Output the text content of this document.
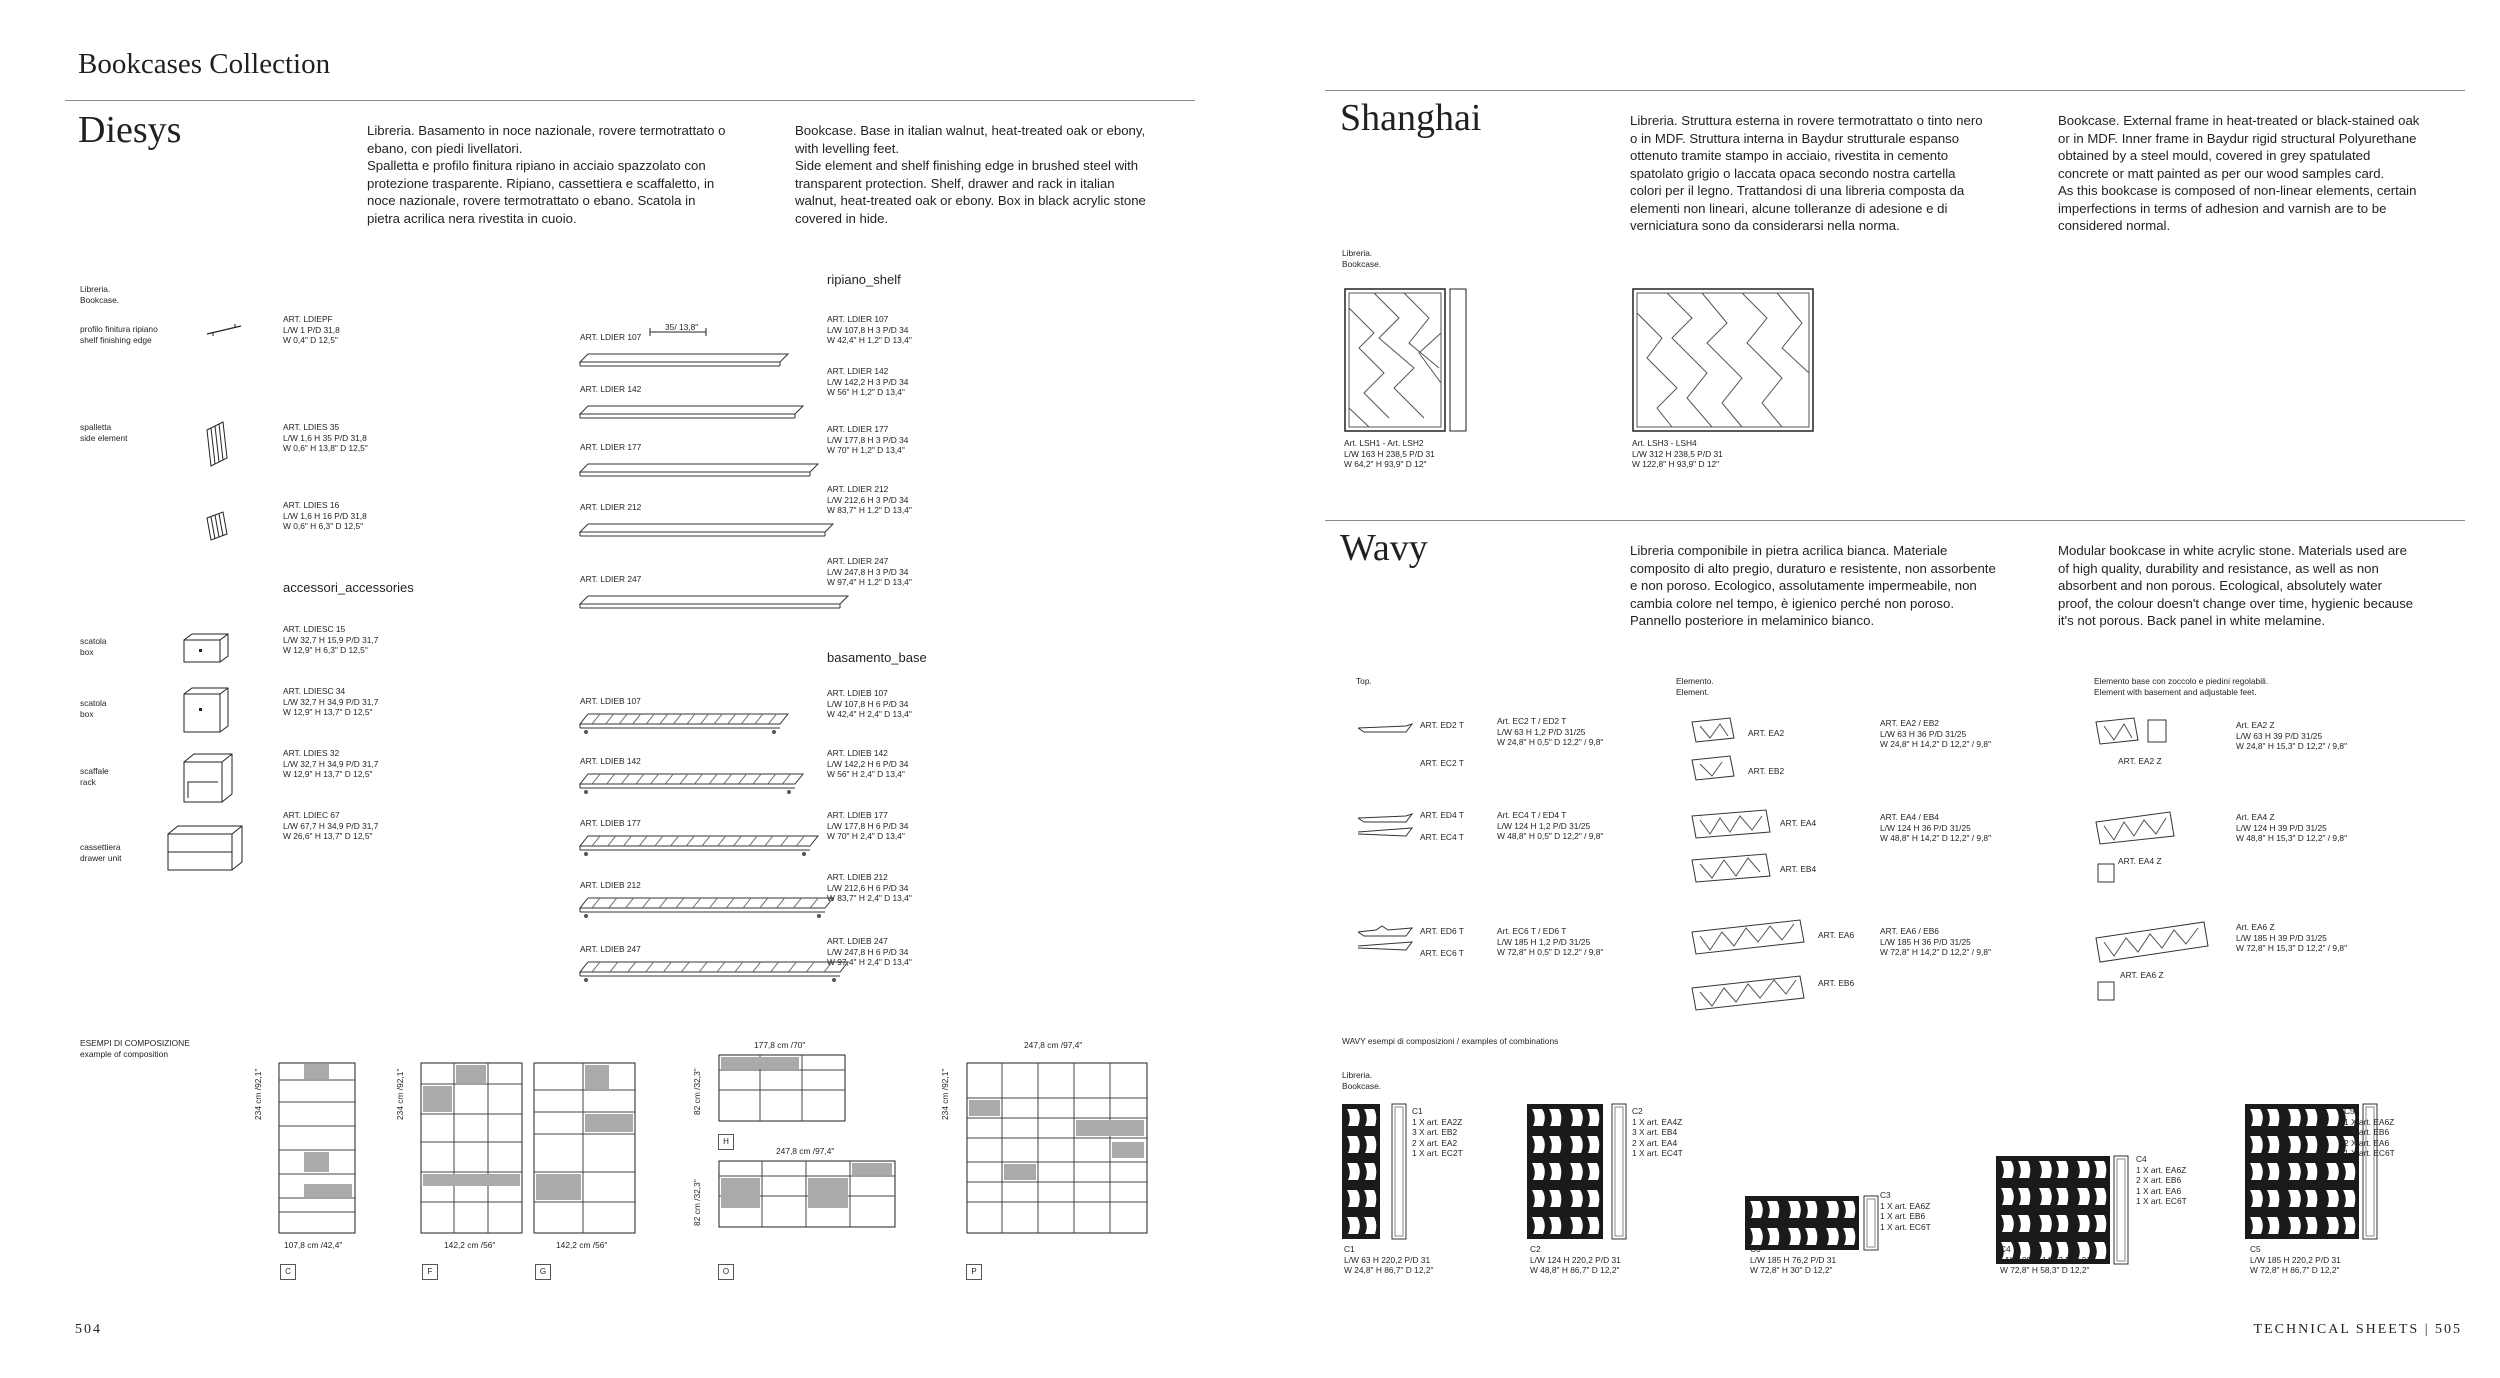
Bookcases Collection
Diesys	Libreria. Basamento in noce nazionale, rovere termotrattato o
ebano, con piedi livellatori.
Spalletta e profilo finitura ripiano in acciaio spazzolato con
protezione trasparente. Ripiano, cassettiera e scaffaletto, in
noce nazionale, rovere termotrattato o ebano. Scatola in
pietra acrilica nera rivestita in cuoio.
Bookcase. Base in italian walnut, heat-treated oak or ebony,
with levelling feet.
Side element and shelf finishing edge in brushed steel with
transparent protection. Shelf, drawer and rack in italian
walnut, heat-treated oak or ebony. Box in black acrylic stone
covered in hide.
Libreria.
Bookcase.
profilo finitura ripiano
shelf finishing edge
ART. LDIEPF
L/W 1 P/D 31,8
W 0,4" D 12,5"
spalletta
side element
ART. LDIES 35
L/W 1,6 H 35 P/D 31,8
W 0,6" H 13,8" D 12,5"
ART. LDIES 16
L/W 1,6 H 16 P/D 31,8
W 0,6" H 6,3" D 12,5"
accessori_accessories
scatola
box
ART. LDIESC 15
L/W 32,7 H 15,9 P/D 31,7
W 12,9" H 6,3" D 12,5"
scatola
box
ART. LDIESC 34
L/W 32,7 H 34,9 P/D 31,7
W 12,9" H 13,7" D 12,5"
scaffale
rack
ART. LDIES 32
L/W 32,7 H 34,9 P/D 31,7
W 12,9" H 13,7" D 12,5"
cassettiera
drawer unit
ART. LDIEC 67
L/W 67,7 H 34,9 P/D 31,7
W 26,6" H 13,7" D 12,5"
ripiano_shelf
35/ 13,8"
ART. LDIER 107
ART. LDIER 107
L/W 107,8 H 3 P/D 34
W 42,4" H 1,2" D 13,4"
ART. LDIER 142
ART. LDIER 142
L/W 142,2 H 3 P/D 34
W 56" H 1,2" D 13,4"
ART. LDIER 177
ART. LDIER 177
L/W 177,8 H 3 P/D 34
W 70" H 1,2" D 13,4"
ART. LDIER 212
ART. LDIER 212
L/W 212,6 H 3 P/D 34
W 83,7" H 1,2" D 13,4"
ART. LDIER 247
ART. LDIER 247
L/W 247,8 H 3 P/D 34
W 97,4" H 1,2" D 13,4"
basamento_base
ART. LDIEB 107
ART. LDIEB 107
L/W 107,8 H 6 P/D 34
W 42,4" H 2,4" D 13,4"
ART. LDIEB 142
ART. LDIEB 142
L/W 142,2 H 6 P/D 34
W 56" H 2,4" D 13,4"
ART. LDIEB 177
ART. LDIEB 177
L/W 177,8 H 6 P/D 34
W 70" H 2,4" D 13,4"
ART. LDIEB 212
ART. LDIEB 212
L/W 212,6 H 6 P/D 34
W 83,7" H 2,4" D 13,4"
ART. LDIEB 247
ART. LDIEB 247
L/W 247,8 H 6 P/D 34
W 97,4" H 2,4" D 13,4"
ESEMPI DI COMPOSIZIONE
example of composition
234 cm /92,1"
107,8 cm /42,4"
C
234 cm /92,1"
142,2 cm /56"
F
142,2 cm /56"
G
177,8 cm /70"
82 cm /32,3"
H
247,8 cm /97,4"
82 cm /32,3"
O
247,8 cm /97,4"
234 cm /92,1"
P
504
Shanghai	Libreria. Struttura esterna in rovere termotrattato o tinto nero
o in MDF. Struttura interna in Baydur strutturale espanso
ottenuto tramite stampo in acciaio, rivestita in cemento
spatolato grigio o laccata opaca secondo nostra cartella
colori per il legno. Trattandosi di una libreria composta da
elementi non lineari, alcune tolleranze di adesione e di
verniciatura sono da considerarsi nella norma.
Bookcase. External frame in heat-treated or black-stained oak
or in MDF. Inner frame in Baydur rigid structural Polyurethane
obtained by a steel mould, covered in grey spatulated
concrete or matt painted as per our wood samples card.
As this bookcase is composed of non-linear elements, certain
imperfections in terms of adhesion and varnish are to be
considered normal.
Libreria.
Bookcase.
Art. LSH1 - Art. LSH2
L/W 163 H 238,5 P/D 31
W 64,2" H 93,9" D 12"
Art. LSH3 - LSH4
L/W 312 H 238,5 P/D 31
W 122,8" H 93,9" D 12"
Wavy	Libreria componibile in pietra acrilica bianca. Materiale
composito di alto pregio, duraturo e resistente, non assorbente
e non poroso. Ecologico, assolutamente impermeabile, non
cambia colore nel tempo, è igienico perché non poroso.
Pannello posteriore in melaminico bianco.
Modular bookcase in white acrylic stone. Materials used are
of high quality, durability and resistance, as well as non
absorbent and non porous. Ecological, absolutely water
proof, the colour doesn't change over time, hygienic because
it's not porous. Back panel in white melamine.
Top.	Elemento.
Element.
Elemento base con zoccolo e piedini regolabili.
Element with basement and adjustable feet.
ART. ED2 T
ART. EC2 T
Art. EC2 T / ED2 T
L/W 63 H 1,2 P/D 31/25
W 24,8" H 0,5" D 12,2" / 9,8"
ART. ED4 T
ART. EC4 T
Art. EC4 T / ED4 T
L/W 124 H 1,2 P/D 31/25
W 48,8" H 0,5" D 12,2" / 9,8"
ART. ED6 T
ART. EC6 T
Art. EC6 T / ED6 T
L/W 185 H 1,2 P/D 31/25
W 72,8" H 0,5" D 12,2" / 9,8"
ART. EA2
ART. EB2
ART. EA2 / EB2
L/W 63 H 36 P/D 31/25
W 24,8" H 14,2" D 12,2" / 9,8"
ART. EA4
ART. EB4
ART. EA4 / EB4
L/W 124 H 36 P/D 31/25
W 48,8" H 14,2" D 12,2" / 9,8"
ART. EA6
ART. EB6
ART. EA6 / EB6
L/W 185 H 36 P/D 31/25
W 72,8" H 14,2" D 12,2" / 9,8"
ART. EA2 Z
Art. EA2 Z
L/W 63 H 39 P/D 31/25
W 24,8" H 15,3" D 12,2" / 9,8"
ART. EA4 Z
Art. EA4 Z
L/W 124 H 39 P/D 31/25
W 48,8" H 15,3" D 12,2" / 9,8"
ART. EA6 Z
Art. EA6 Z
L/W 185 H 39 P/D 31/25
W 72,8" H 15,3" D 12,2" / 9,8"
WAVY esempi di composizioni / examples of combinations
Libreria.
Bookcase.
C1
1 X art. EA2Z
3 X art. EB2
2 X art. EA2
1 X art. EC2T
C1
L/W 63 H 220,2 P/D 31
W 24,8" H 86,7" D 12,2"
C2
1 X art. EA4Z
3 X art. EB4
2 X art. EA4
1 X art. EC4T
C2
L/W 124 H 220,2 P/D 31
W 48,8" H 86,7" D 12,2"
C3
1 X art. EA6Z
1 X art. EB6
1 X art. EC6T
C3
L/W 185 H 76,2 P/D 31
W 72,8" H 30" D 12,2"
C4
1 X art. EA6Z
2 X art. EB6
1 X art. EA6
1 X art. EC6T
C4
L/W 185 H 148,2 P/D 31
W 72,8" H 58,3" D 12,2"
C5
1 X art. EA6Z
3 X art. EB6
2 X art. EA6
1 X art. EC6T
C5
L/W 185 H 220,2 P/D 31
W 72,8" H 86,7" D 12,2"
TECHNICAL SHEETS | 505
